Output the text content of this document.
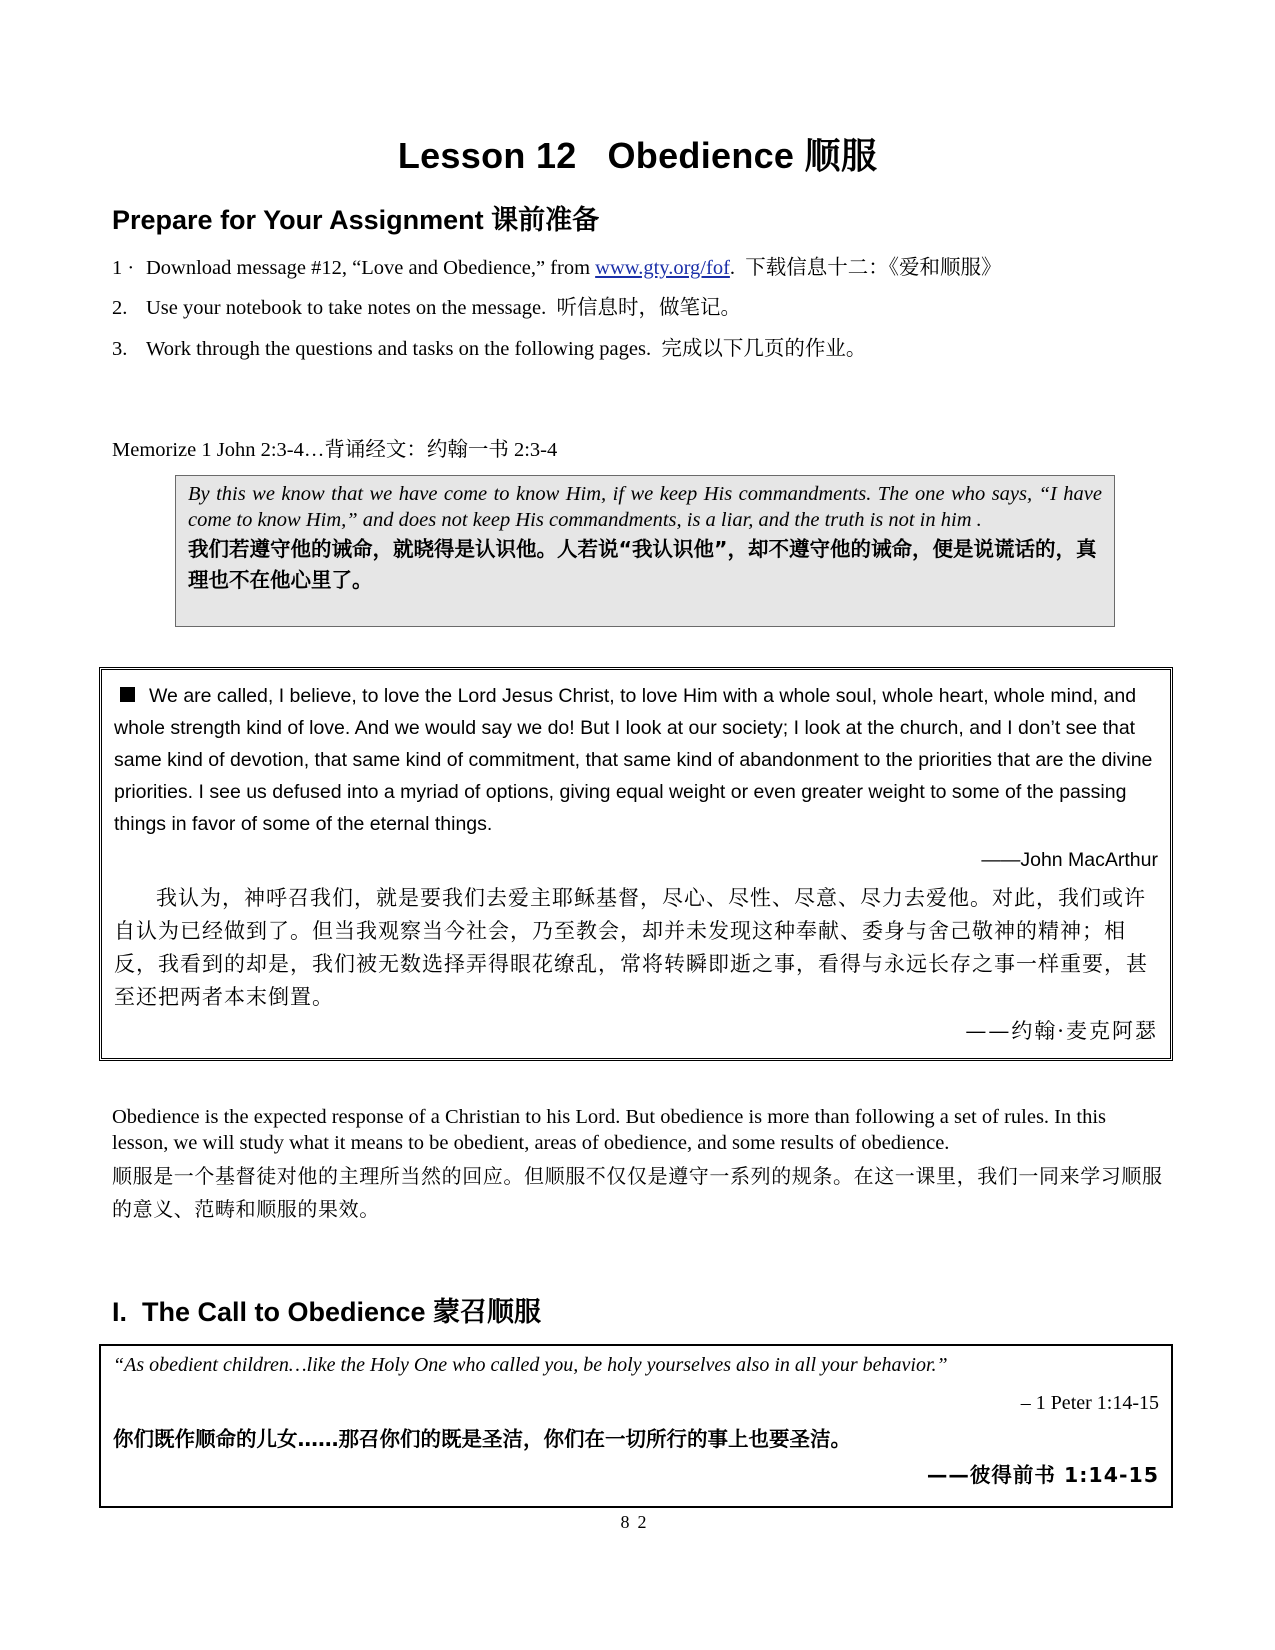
Lesson 12   Obedience 顺服
Prepare for Your Assignment 课前准备
1 · Download message #12, “Love and Obedience,” from www.gty.org/fof.  下载信息十二：《爱和顺服》
2. Use your notebook to take notes on the message.  听信息时，做笔记。
3. Work through the questions and tasks on the following pages.  完成以下几页的作业。
Memorize 1 John 2:3-4…背诵经文：约翰一书 2:3-4
By this we know that we have come to know Him, if we keep His commandments. The one who says, “I have come to know Him,” and does not keep His commandments, is a liar, and the truth is not in him .
我们若遵守他的诫命，就晓得是认识他。人若说“我认识他”，却不遵守他的诫命，便是说谎话的，真理也不在他心里了。
We are called, I believe, to love the Lord Jesus Christ, to love Him with a whole soul, whole heart, whole mind, and whole strength kind of love. And we would say we do! But I look at our society; I look at the church, and I don’t see that same kind of devotion, that same kind of commitment, that same kind of abandonment to the priorities that are the divine priorities. I see us defused into a myriad of options, giving equal weight or even greater weight to some of the passing things in favor of some of the eternal things.
——John MacArthur
我认为，神呼召我们，就是要我们去爱主耶稣基督，尽心、尽性、尽意、尽力去爱他。对此，我们或许自认为已经做到了。但当我观察当今社会，乃至教会，却并未发现这种奉献、委身与舍己敬神的精神；相反，我看到的却是，我们被无数选择弄得眼花缭乱，常将转瞬即逝之事，看得与永远长存之事一样重要，甚至还把两者本末倒置。
——约翰·麦克阿瑟
Obedience is the expected response of a Christian to his Lord. But obedience is more than following a set of rules. In this lesson, we will study what it means to be obedient, areas of obedience, and some results of obedience.
顺服是一个基督徒对他的主理所当然的回应。但顺服不仅仅是遵守一系列的规条。在这一课里，我们一同来学习顺服的意义、范畴和顺服的果效。
I.  The Call to Obedience 蒙召顺服
“As obedient children…like the Holy One who called you, be holy yourselves also in all your behavior.”
– 1 Peter 1:14-15
你们既作顺命的儿女……那召你们的既是圣洁，你们在一切所行的事上也要圣洁。
——彼得前书 1:14-15
82
